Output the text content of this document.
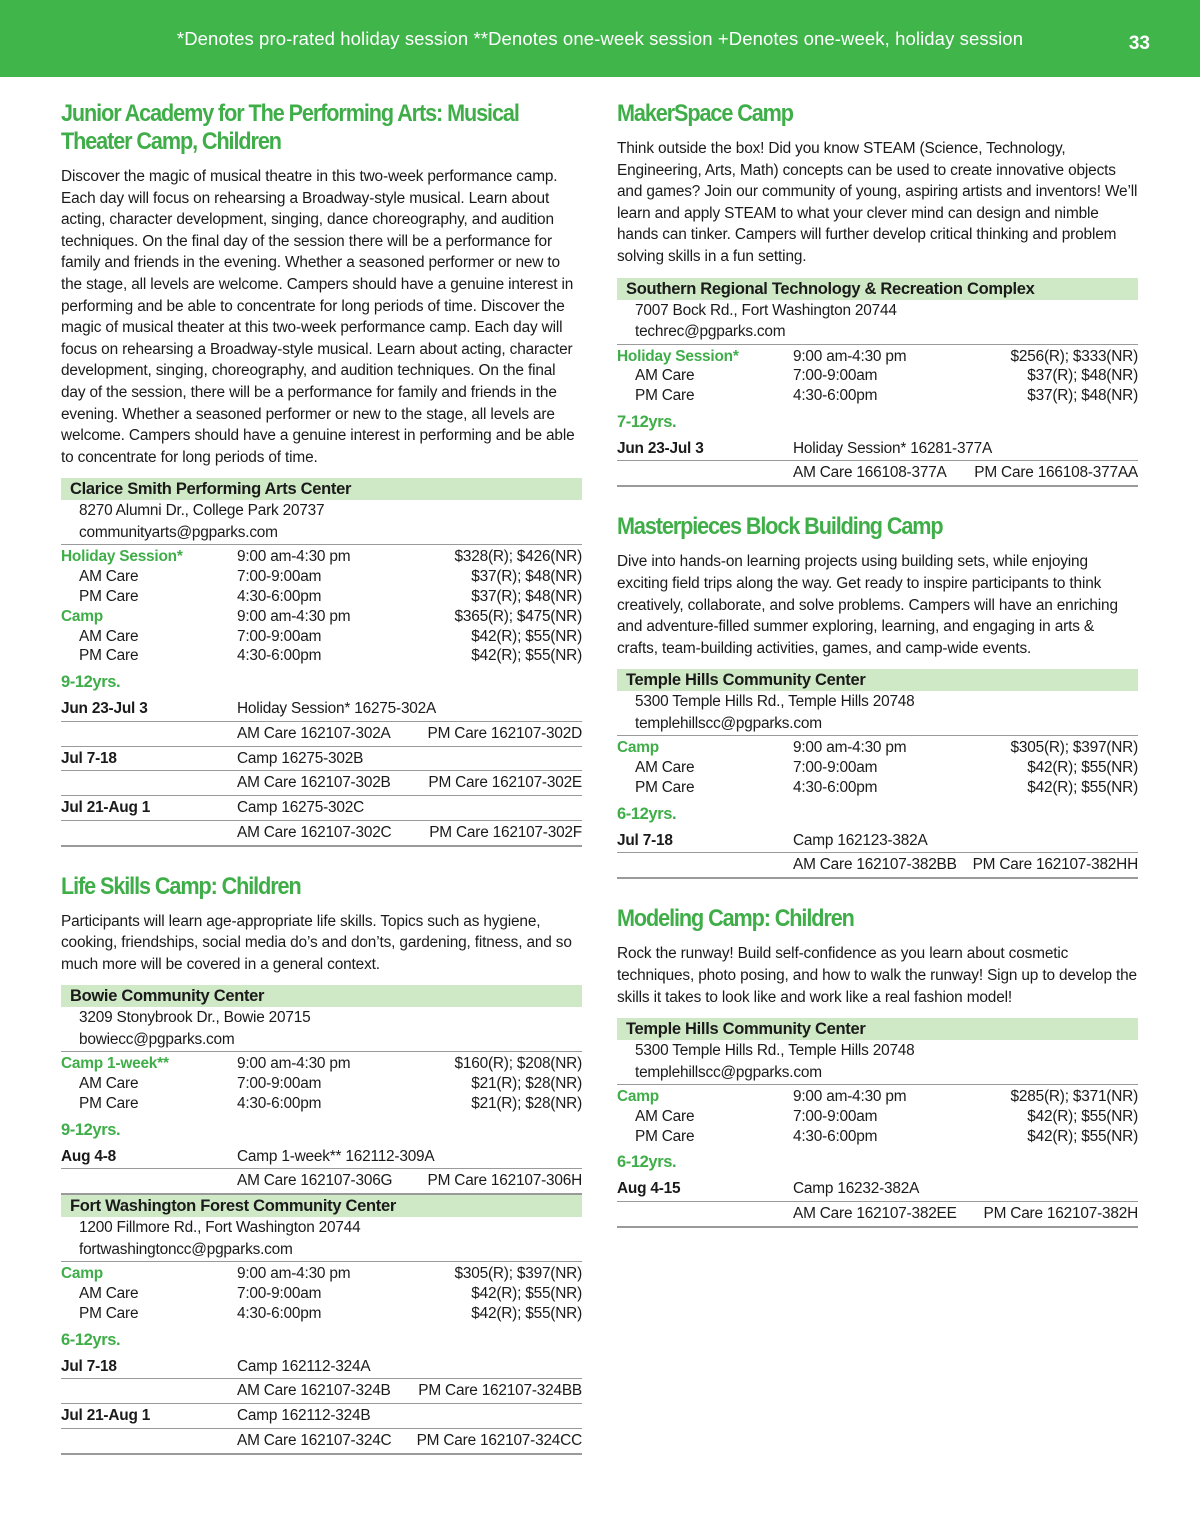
*Denotes pro-rated holiday session **Denotes one-week session +Denotes one-week, holiday session	33
Junior Academy for The Performing Arts: Musical Theater Camp, Children

Discover the magic of musical theatre in this two-week performance camp. Each day will focus on rehearsing a Broadway-style musical. Learn about acting, character development, singing, dance choreography, and audition techniques. On the final day of the session there will be a performance for family and friends in the evening. Whether a seasoned performer or new to the stage, all levels are welcome. Campers should have a genuine interest in performing and be able to concentrate for long periods of time. Discover the magic of musical theater at this two-week performance camp. Each day will focus on rehearsing a Broadway-style musical. Learn about acting, character development, singing, choreography, and audition techniques. On the final day of the session, there will be a performance for family and friends in the evening. Whether a seasoned performer or new to the stage, all levels are welcome. Campers should have a genuine interest in performing and be able to concentrate for long periods of time.

Clarice Smith Performing Arts Center
8270 Alumni Dr., College Park 20737
communityarts@pgparks.com
Holiday Session*	9:00 am-4:30 pm	$328(R); $426(NR)
AM Care	7:00-9:00am	$37(R); $48(NR)
PM Care	4:30-6:00pm	$37(R); $48(NR)
Camp	9:00 am-4:30 pm	$365(R); $475(NR)
AM Care	7:00-9:00am	$42(R); $55(NR)
PM Care	4:30-6:00pm	$42(R); $55(NR)
9-12yrs.
Jun 23-Jul 3	Holiday Session* 16275-302A
AM Care 162107-302A	PM Care 162107-302D
Jul 7-18	Camp 16275-302B
AM Care 162107-302B	PM Care 162107-302E
Jul 21-Aug 1	Camp 16275-302C
AM Care 162107-302C	PM Care 162107-302F
Life Skills Camp: Children

Participants will learn age-appropriate life skills. Topics such as hygiene, cooking, friendships, social media do’s and don’ts, gardening, fitness, and so much more will be covered in a general context.

Bowie Community Center
3209 Stonybrook Dr., Bowie 20715
bowiecc@pgparks.com
Camp 1-week**	9:00 am-4:30 pm	$160(R); $208(NR)
AM Care	7:00-9:00am	$21(R); $28(NR)
PM Care	4:30-6:00pm	$21(R); $28(NR)
9-12yrs.
Aug 4-8	Camp 1-week** 162112-309A
AM Care 162107-306G	PM Care 162107-306H
Fort Washington Forest Community Center
1200 Fillmore Rd., Fort Washington 20744
fortwashingtoncc@pgparks.com
Camp	9:00 am-4:30 pm	$305(R); $397(NR)
AM Care	7:00-9:00am	$42(R); $55(NR)
PM Care	4:30-6:00pm	$42(R); $55(NR)
6-12yrs.
Jul 7-18	Camp 162112-324A
AM Care 162107-324B	PM Care 162107-324BB
Jul 21-Aug 1	Camp 162112-324B
AM Care 162107-324C	PM Care 162107-324CC
MakerSpace Camp

Think outside the box! Did you know STEAM (Science, Technology, Engineering, Arts, Math) concepts can be used to create innovative objects and games? Join our community of young, aspiring artists and inventors! We’ll learn and apply STEAM to what your clever mind can design and nimble hands can tinker. Campers will further develop critical thinking and problem solving skills in a fun setting.

Southern Regional Technology & Recreation Complex
7007 Bock Rd., Fort Washington 20744
techrec@pgparks.com
Holiday Session*	9:00 am-4:30 pm	$256(R); $333(NR)
AM Care	7:00-9:00am	$37(R); $48(NR)
PM Care	4:30-6:00pm	$37(R); $48(NR)
7-12yrs.
Jun 23-Jul 3	Holiday Session* 16281-377A
AM Care 166108-377A	PM Care 166108-377AA
Masterpieces Block Building Camp

Dive into hands-on learning projects using building sets, while enjoying exciting field trips along the way. Get ready to inspire participants to think creatively, collaborate, and solve problems. Campers will have an enriching and adventure-filled summer exploring, learning, and engaging in arts & crafts, team-building activities, games, and camp-wide events.

Temple Hills Community Center
5300 Temple Hills Rd., Temple Hills 20748
templehillscc@pgparks.com
Camp	9:00 am-4:30 pm	$305(R); $397(NR)
AM Care	7:00-9:00am	$42(R); $55(NR)
PM Care	4:30-6:00pm	$42(R); $55(NR)
6-12yrs.
Jul 7-18	Camp 162123-382A
AM Care 162107-382BB	PM Care 162107-382HH
Modeling Camp: Children

Rock the runway! Build self-confidence as you learn about cosmetic techniques, photo posing, and how to walk the runway! Sign up to develop the skills it takes to look like and work like a real fashion model!

Temple Hills Community Center
5300 Temple Hills Rd., Temple Hills 20748
templehillscc@pgparks.com
Camp	9:00 am-4:30 pm	$285(R); $371(NR)
AM Care	7:00-9:00am	$42(R); $55(NR)
PM Care	4:30-6:00pm	$42(R); $55(NR)
6-12yrs.
Aug 4-15	Camp 16232-382A
AM Care 162107-382EE	PM Care 162107-382H
